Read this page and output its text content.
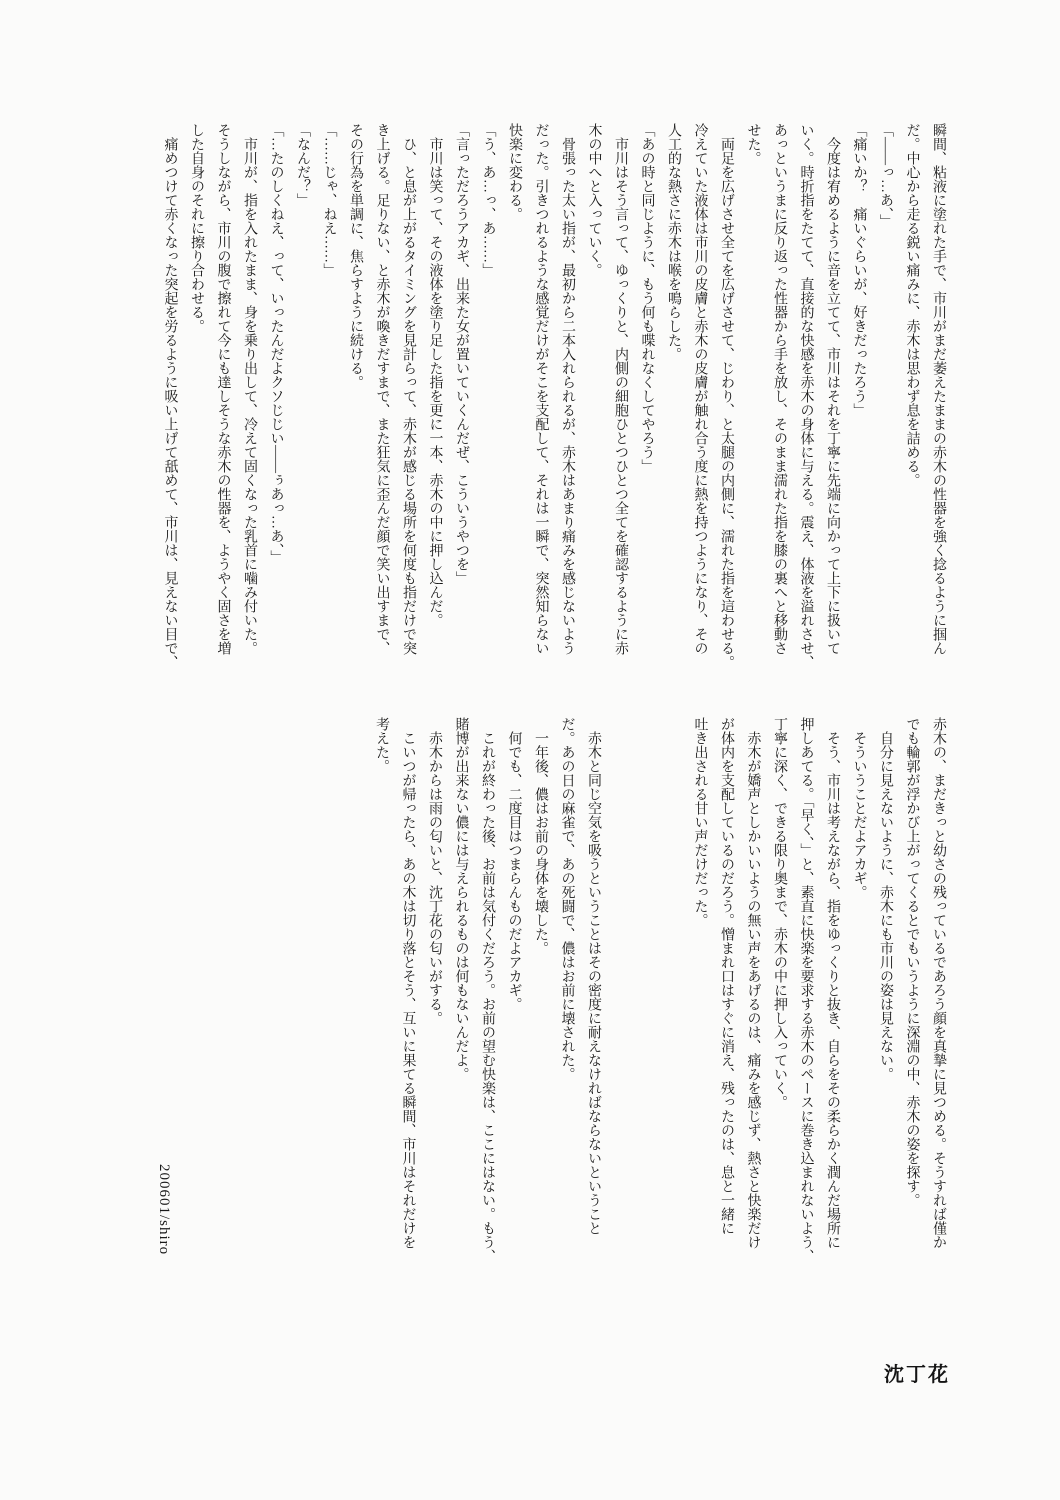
瞬間、粘液に塗れた手で、市川がまだ萎えたままの赤木の性器を強く捻るように掴ん
だ。中心から走る鋭い痛みに、赤木は思わず息を詰める。
「――っ…あ、」
「痛いか？　痛いぐらいが、好きだったろう」
　今度は宥めるように音を立てて、市川はそれを丁寧に先端に向かって上下に扱いて
いく。時折指をたてて、直接的な快感を赤木の身体に与える。震え、体液を溢れさせ、
あっというまに反り返った性器から手を放し、そのまま濡れた指を膝の裏へと移動さ
せた。
　両足を広げさせ全てを広げさせて、じわり、と太腿の内側に、濡れた指を這わせる。
冷えていた液体は市川の皮膚と赤木の皮膚が触れ合う度に熱を持つようになり、その
人工的な熱さに赤木は喉を鳴らした。
「あの時と同じように、もう何も喋れなくしてやろう」
　市川はそう言って、ゆっくりと、内側の細胞ひとつひとつ全てを確認するように赤
木の中へと入っていく。
　骨張った太い指が、最初から二本入れられるが、赤木はあまり痛みを感じないよう
だった。引きつれるような感覚だけがそこを支配して、それは一瞬で、突然知らない
快楽に変わる。
「う、あ…っ、あ……」
「言っただろうアカギ、出来た女が置いていくんだぜ、こういうやつを」
　市川は笑って、その液体を塗り足した指を更に一本、赤木の中に押し込んだ。
　ひ、と息が上がるタイミングを見計らって、赤木が感じる場所を何度も指だけで突
き上げる。足りない、と赤木が喚きだすまで、また狂気に歪んだ顔で笑い出すまで、
その行為を単調に、焦らすように続ける。
「……じゃ、ねえ……」
「なんだ？」
「…たのしくねえ、って、いったんだよクソじじい――ぅあっ…あ、」
　市川が、指を入れたまま、身を乗り出して、冷えて固くなった乳首に噛み付いた。
そうしながら、市川の腹で擦れて今にも達しそうな赤木の性器を、ようやく固さを増
した自身のそれに擦り合わせる。
　痛めつけて赤くなった突起を労るように吸い上げて舐めて、市川は、見えない目で、
赤木の、まだきっと幼さの残っているであろう顔を真摯に見つめる。そうすれば僅か
でも輪郭が浮かび上がってくるとでもいうように深淵の中、赤木の姿を探す。
　自分に見えないように、赤木にも市川の姿は見えない。
　そういうことだよアカギ。
　そう、市川は考えながら、指をゆっくりと抜き、自らをその柔らかく潤んだ場所に
押しあてる。「早く、」と、素直に快楽を要求する赤木のペースに巻き込まれないよう、
丁寧に深く、できる限り奥まで、赤木の中に押し入っていく。
　赤木が嬌声としかいいようの無い声をあげるのは、痛みを感じず、熱さと快楽だけ
が体内を支配しているのだろう。憎まれ口はすぐに消え、残ったのは、息と一緒に
吐き出される甘い声だけだった。
　赤木と同じ空気を吸うということはその密度に耐えなければならないということ
だ。あの日の麻雀で、あの死闘で、儂はお前に壊された。
　一年後、儂はお前の身体を壊した。
　何でも、二度目はつまらんものだよアカギ。
　これが終わった後、お前は気付くだろう。お前の望む快楽は、ここにはない。もう、
賭博が出来ない儂には与えられるものは何もないんだよ。
　赤木からは雨の匂いと、沈丁花の匂いがする。
　こいつが帰ったら、あの木は切り落とそう、互いに果てる瞬間、市川はそれだけを
考えた。
200601/shiro
沈丁花
